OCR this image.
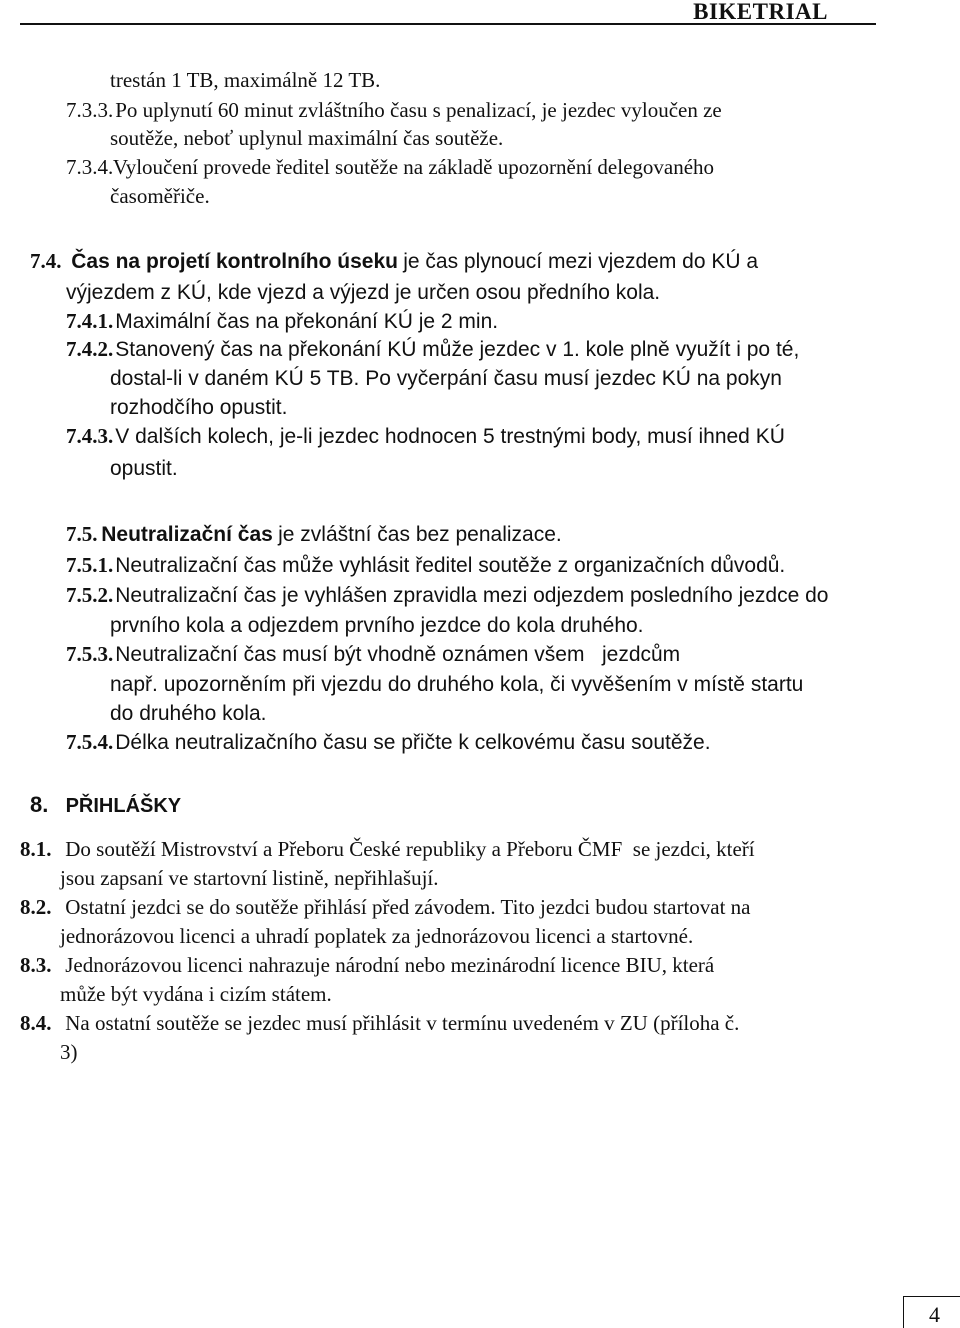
BIKETRIAL
trestán 1 TB, maximálně 12 TB.
7.3.3. Po uplynutí 60 minut zvláštního času s penalizací, je jezdec vyloučen ze
soutěže, neboť uplynul maximální čas soutěže.
7.3.4. Vyloučení provede ředitel soutěže na základě upozornění delegovaného
časoměřiče.
7.4. Čas na projetí kontrolního úseku je čas plynoucí mezi vjezdem do KÚ a
výjezdem z KÚ, kde vjezd a výjezd je určen osou předního kola.
7.4.1. Maximální čas na překonání KÚ je 2 min.
7.4.2. Stanovený čas na překonání KÚ může jezdec v 1. kole plně využít i po té,
dostal-li v daném KÚ 5 TB. Po vyčerpání času musí jezdec KÚ na pokyn
rozhodčího opustit.
7.4.3. V dalších kolech, je-li jezdec hodnocen 5 trestnými body, musí ihned KÚ
opustit.
7.5. Neutralizační čas je zvláštní čas bez penalizace.
7.5.1. Neutralizační čas může vyhlásit ředitel soutěže z organizačních důvodů.
7.5.2. Neutralizační čas je vyhlášen zpravidla mezi odjezdem posledního jezdce do
prvního kola a odjezdem prvního jezdce do kola druhého.
7.5.3. Neutralizační čas musí být vhodně oznámen všem   jezdcům
např. upozorněním při vjezdu do druhého kola, či vyvěšením v místě startu
do druhého kola.
7.5.4. Délka neutralizačního času se přičte k celkovému času soutěže.
8. PŘIHLÁŠKY
8.1. Do soutěží Mistrovství a Přeboru České republiky a Přeboru ČMF  se jezdci, kteří
jsou zapsaní ve startovní listině, nepřihlašují.
8.2. Ostatní jezdci se do soutěže přihlásí před závodem. Tito jezdci budou startovat na
jednorázovou licenci a uhradí poplatek za jednorázovou licenci a startovné.
8.3. Jednorázovou licenci nahrazuje národní nebo mezinárodní licence BIU, která
může být vydána i cizím státem.
8.4. Na ostatní soutěže se jezdec musí přihlásit v termínu uvedeném v ZU (příloha č.
3)
4
